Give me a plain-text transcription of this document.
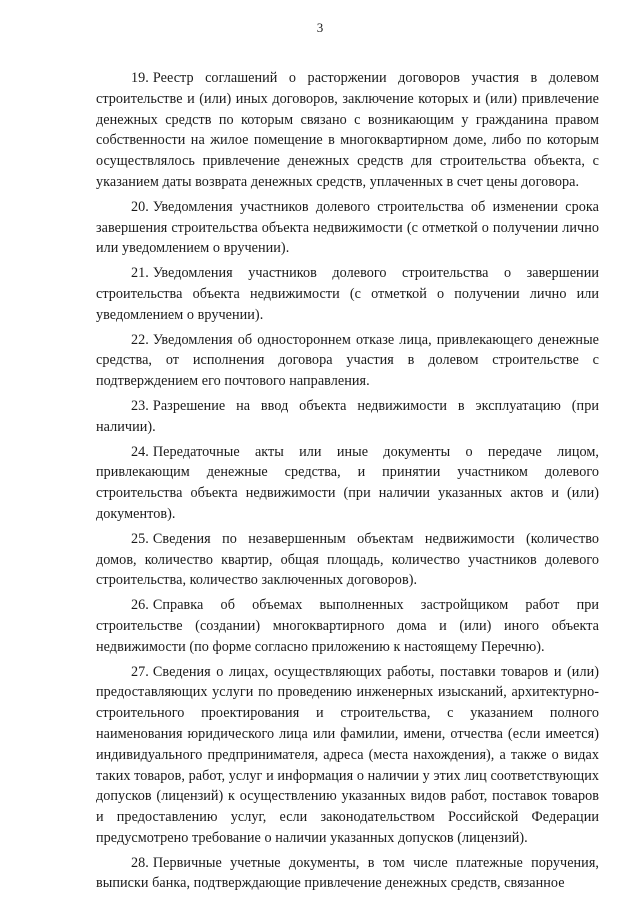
3

19. Реестр соглашений о расторжении договоров участия в долевом строительстве и (или) иных договоров, заключение которых и (или) привлечение денежных средств по которым связано с возникающим у гражданина правом собственности на жилое помещение в многоквартирном доме, либо по которым осуществлялось привлечение денежных средств для строительства объекта, с указанием даты возврата денежных средств, уплаченных в счет цены договора.

20. Уведомления участников долевого строительства об изменении срока завершения строительства объекта недвижимости (с отметкой о получении лично или уведомлением о вручении).

21. Уведомления участников долевого строительства о завершении строительства объекта недвижимости (с отметкой о получении лично или уведомлением о вручении).

22. Уведомления об одностороннем отказе лица, привлекающего денежные средства, от исполнения договора участия в долевом строительстве с подтверждением его почтового направления.

23. Разрешение на ввод объекта недвижимости в эксплуатацию (при наличии).

24. Передаточные акты или иные документы о передаче лицом, привлекающим денежные средства, и принятии участником долевого строительства объекта недвижимости (при наличии указанных актов и (или) документов).

25. Сведения по незавершенным объектам недвижимости (количество домов, количество квартир, общая площадь, количество участников долевого строительства, количество заключенных договоров).

26. Справка об объемах выполненных застройщиком работ при строительстве (создании) многоквартирного дома и (или) иного объекта недвижимости (по форме согласно приложению к настоящему Перечню).

27. Сведения о лицах, осуществляющих работы, поставки товаров и (или) предоставляющих услуги по проведению инженерных изысканий, архитектурно-строительного проектирования и строительства, с указанием полного наименования юридического лица или фамилии, имени, отчества (если имеется) индивидуального предпринимателя, адреса (места нахождения), а также о видах таких товаров, работ, услуг и информация о наличии у этих лиц соответствующих допусков (лицензий) к осуществлению указанных видов работ, поставок товаров и предоставлению услуг, если законодательством Российской Федерации предусмотрено требование о наличии указанных допусков (лицензий).

28. Первичные учетные документы, в том числе платежные поручения, выписки банка, подтверждающие привлечение денежных средств, связанное
